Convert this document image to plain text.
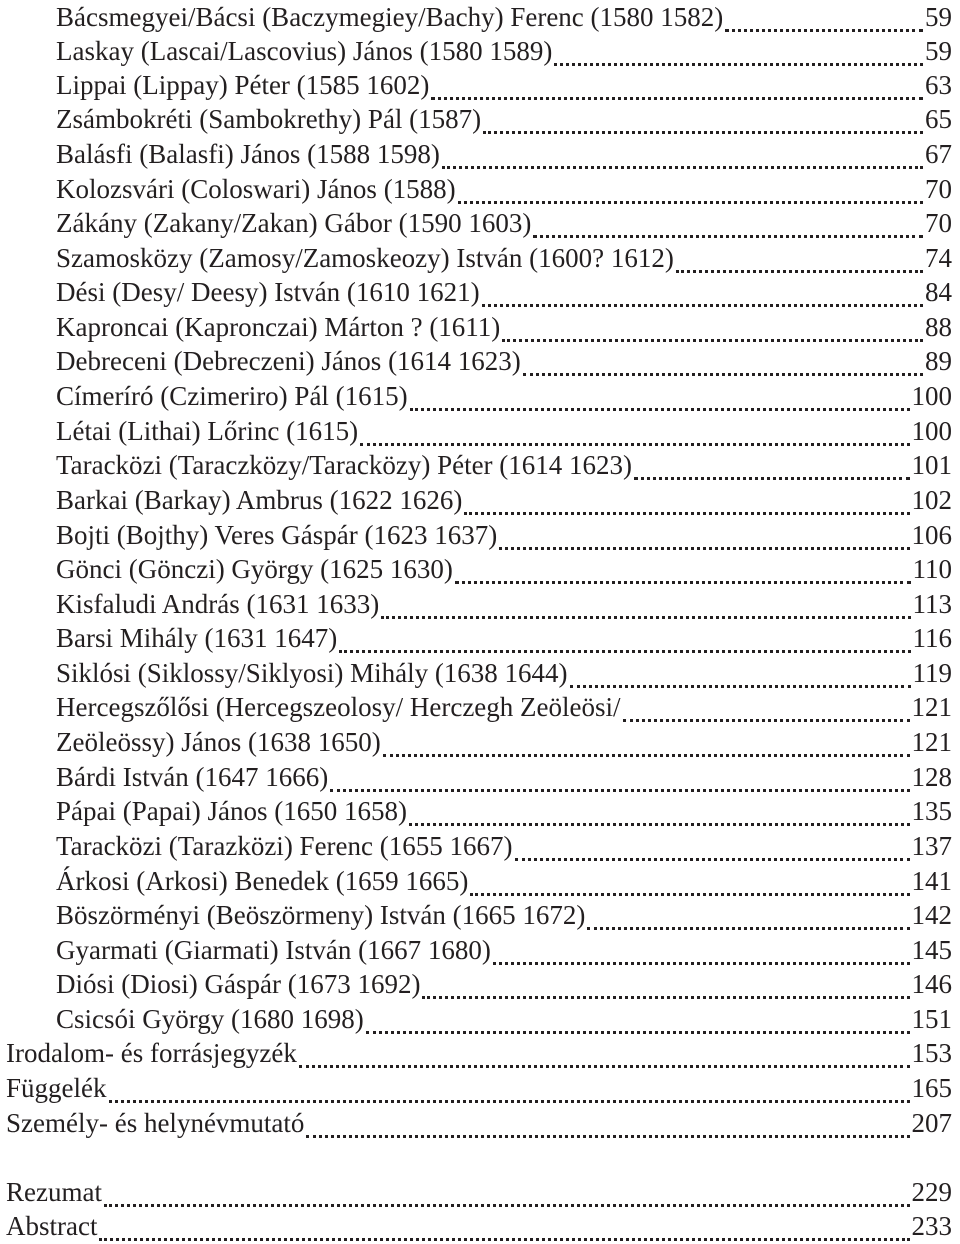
Bácsmegyei/Bácsi (Baczymegiey/Bachy) Ferenc (1580 1582)	59
Laskay (Lascai/Lascovius) János (1580 1589)	59
Lippai (Lippay) Péter (1585 1602)	63
Zsámbokréti (Sambokrethy) Pál (1587)	65
Balásfi (Balasfi) János (1588 1598)	67
Kolozsvári (Coloswari) János (1588)	70
Zákány (Zakany/Zakan) Gábor (1590 1603)	70
Szamosközy (Zamosy/Zamoskeozy) István (1600? 1612)	74
Dési (Desy/ Deesy) István (1610 1621)	84
Kaproncai (Kapronczai) Márton ? (1611)	88
Debreceni (Debreczeni) János (1614 1623)	89
Címeríró (Czimeriro) Pál (1615)	100
Létai (Lithai) Lőrinc (1615)	100
Taracközi (Taraczközy/Taracközy) Péter (1614 1623)	101
Barkai (Barkay) Ambrus (1622 1626)	102
Bojti (Bojthy) Veres Gáspár (1623 1637)	106
Gönci (Gönczi) György (1625 1630)	110
Kisfaludi András (1631 1633)	113
Barsi Mihály (1631 1647)	116
Siklósi (Siklossy/Siklyosi) Mihály (1638 1644)	119
Hercegszőlősi (Hercegszeolosy/ Herczegh Zeöleösi/	121
Zeöleössy) János (1638 1650)	121
Bárdi István (1647 1666)	128
Pápai (Papai) János (1650 1658)	135
Taracközi (Tarazközi) Ferenc (1655 1667)	137
Árkosi (Arkosi) Benedek (1659 1665)	141
Böszörményi (Beöszörmeny) István (1665 1672)	142
Gyarmati (Giarmati) István (1667 1680)	145
Diósi (Diosi) Gáspár (1673 1692)	146
Csicsói György (1680 1698)	151
Irodalom- és forrásjegyzék	153
Függelék	165
Személy- és helynévmutató	207
Rezumat	229
Abstract	233
